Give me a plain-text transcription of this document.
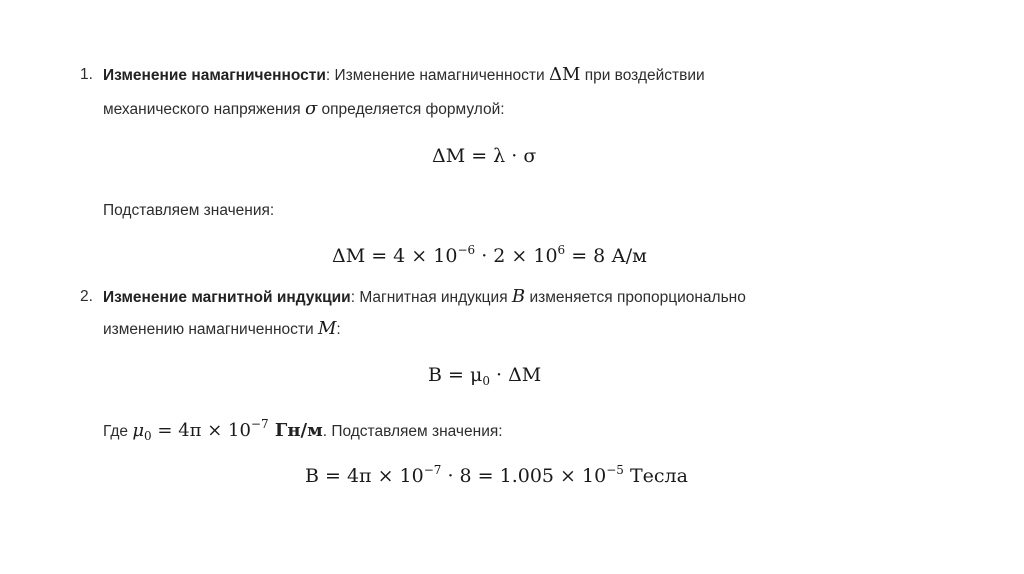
1. Изменение намагниченности: Изменение намагниченности ΔM при воздействии
механического напряжения σ определяется формулой:
ΔM = λ · σ
Подставляем значения:
$\Delta M = 4 \times 10^{-6} \cdot 2 \times 10^6 = 8$ А/м
2. Изменение магнитной индукции: Магнитная индукция B изменяется пропорционально
изменению намагниченности M:
$B = \mu_0 \cdot \Delta M$
Где $\mu_0 = 4\pi \times 10^{-7}$ Гн/м. Подставляем значения:
$B = 4\pi \times 10^{-7} \cdot 8 = 1.005 \times 10^{-5}$ Тесла
